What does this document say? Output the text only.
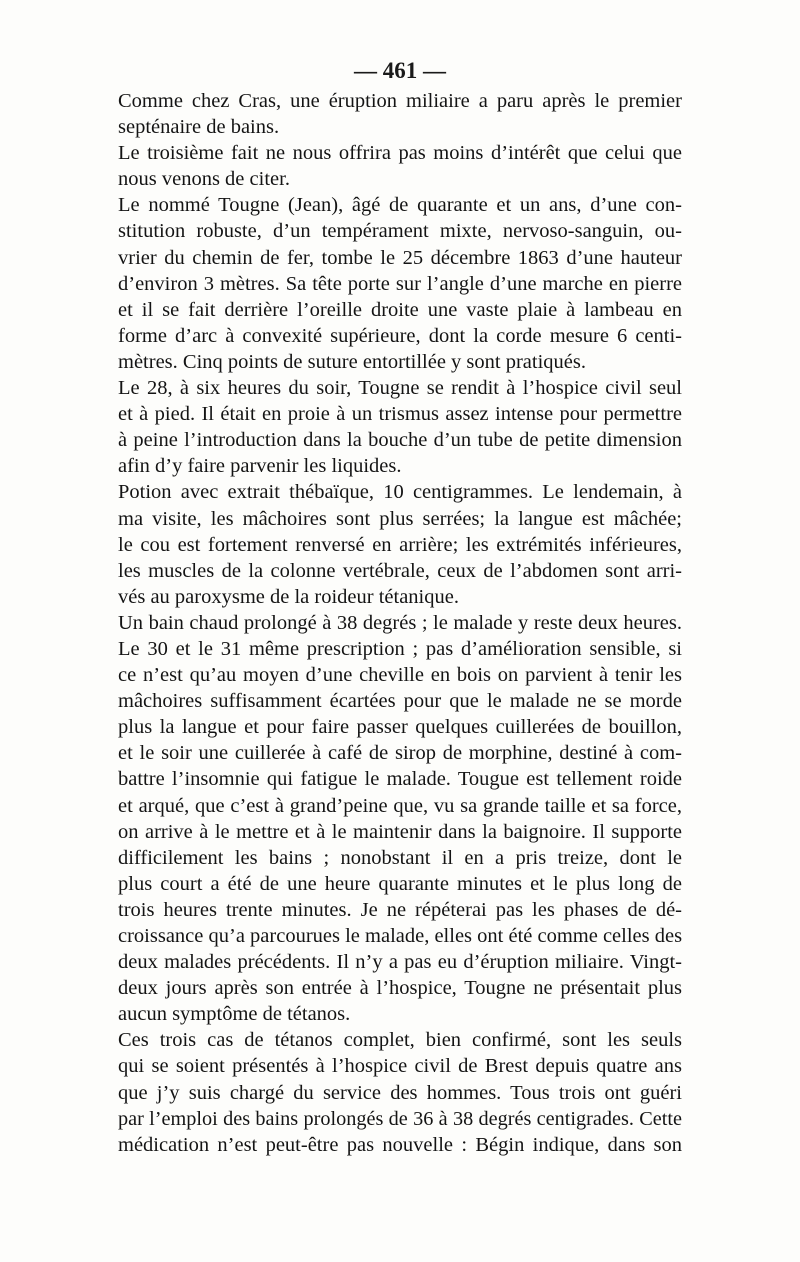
— 461 —
Comme chez Cras, une éruption miliaire a paru après le premier
septénaire de bains.
Le troisième fait ne nous offrira pas moins d’intérêt que celui que
nous venons de citer.
Le nommé Tougne (Jean), âgé de quarante et un ans, d’une con-
stitution robuste, d’un tempérament mixte, nervoso-sanguin, ou-
vrier du chemin de fer, tombe le 25 décembre 1863 d’une hauteur
d’environ 3 mètres. Sa tête porte sur l’angle d’une marche en pierre
et il se fait derrière l’oreille droite une vaste plaie à lambeau en
forme d’arc à convexité supérieure, dont la corde mesure 6 centi-
mètres. Cinq points de suture entortillée y sont pratiqués.
Le 28, à six heures du soir, Tougne se rendit à l’hospice civil seul
et à pied. Il était en proie à un trismus assez intense pour permettre
à peine l’introduction dans la bouche d’un tube de petite dimension
afin d’y faire parvenir les liquides.
Potion avec extrait thébaïque, 10 centigrammes. Le lendemain, à
ma visite, les mâchoires sont plus serrées; la langue est mâchée;
le cou est fortement renversé en arrière; les extrémités inférieures,
les muscles de la colonne vertébrale, ceux de l’abdomen sont arri-
vés au paroxysme de la roideur tétanique.
Un bain chaud prolongé à 38 degrés ; le malade y reste deux heures.
Le 30 et le 31 même prescription ; pas d’amélioration sensible, si
ce n’est qu’au moyen d’une cheville en bois on parvient à tenir les
mâchoires suffisamment écartées pour que le malade ne se morde
plus la langue et pour faire passer quelques cuillerées de bouillon,
et le soir une cuillerée à café de sirop de morphine, destiné à com-
battre l’insomnie qui fatigue le malade. Tougue est tellement roide
et arqué, que c’est à grand’peine que, vu sa grande taille et sa force,
on arrive à le mettre et à le maintenir dans la baignoire. Il supporte
difficilement les bains ; nonobstant il en a pris treize, dont le
plus court a été de une heure quarante minutes et le plus long de
trois heures trente minutes. Je ne répéterai pas les phases de dé-
croissance qu’a parcourues le malade, elles ont été comme celles des
deux malades précédents. Il n’y a pas eu d’éruption miliaire. Vingt-
deux jours après son entrée à l’hospice, Tougne ne présentait plus
aucun symptôme de tétanos.
Ces trois cas de tétanos complet, bien confirmé, sont les seuls
qui se soient présentés à l’hospice civil de Brest depuis quatre ans
que j’y suis chargé du service des hommes. Tous trois ont guéri
par l’emploi des bains prolongés de 36 à 38 degrés centigrades. Cette
médication n’est peut-être pas nouvelle : Bégin indique, dans son
